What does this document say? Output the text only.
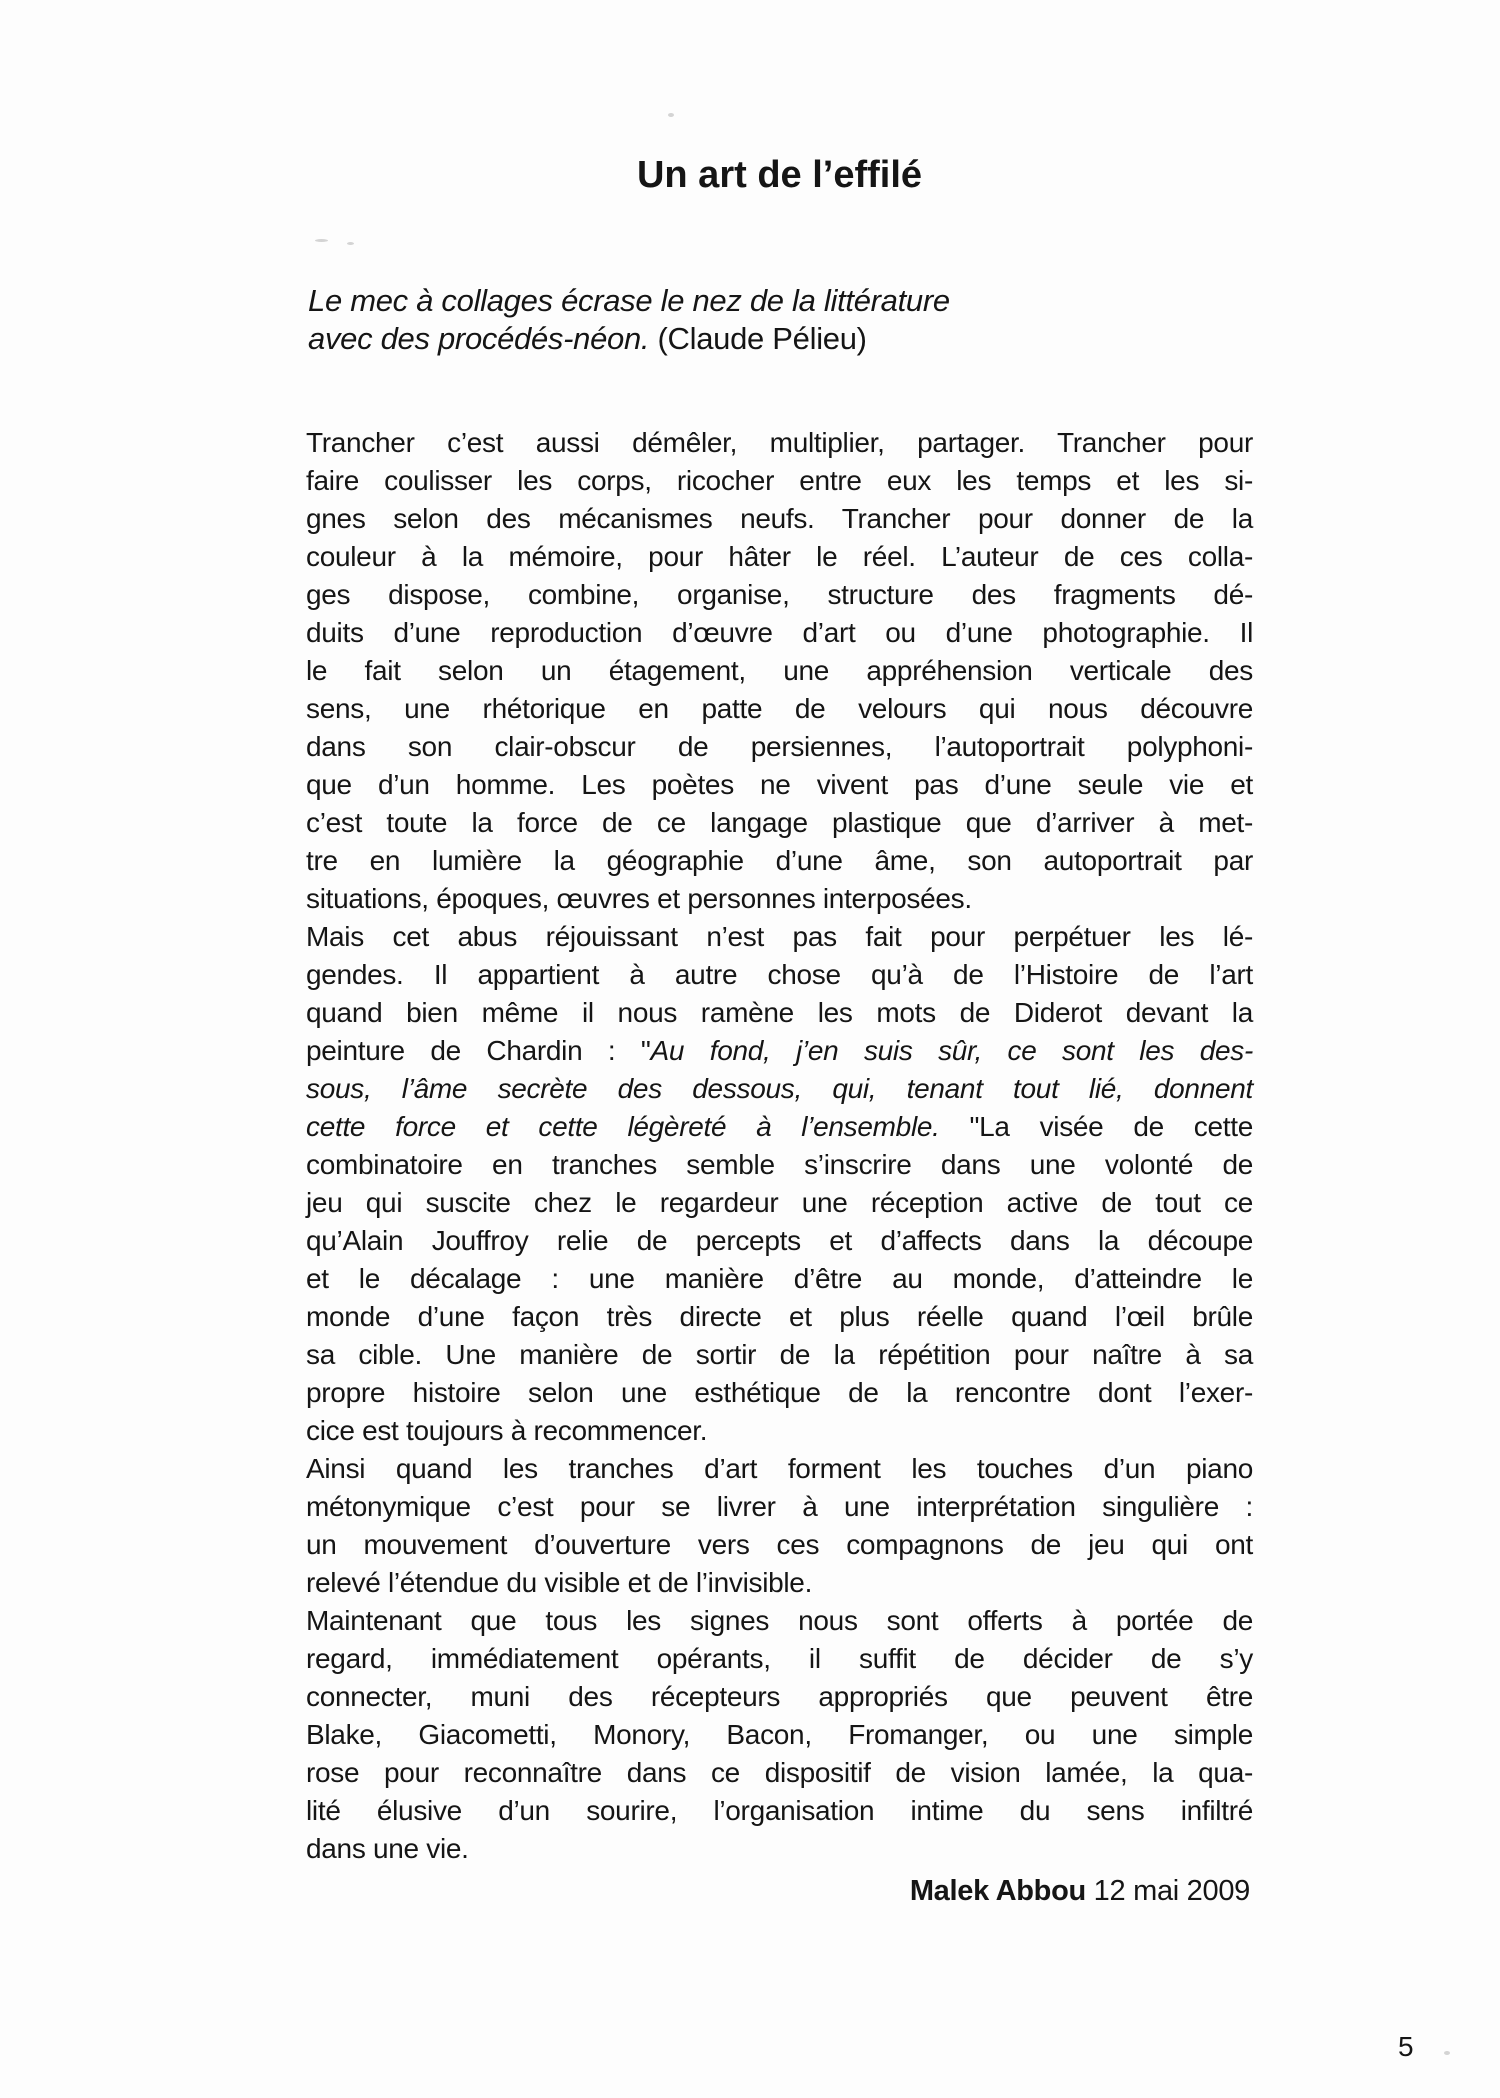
Un art de l’effilé
Le mec à collages écrase le nez de la littérature
avec des procédés-néon. (Claude Pélieu)
Trancher c’est aussi démêler, multiplier, partager. Trancher pour
faire coulisser les corps, ricocher entre eux les temps et les si-
gnes selon des mécanismes neufs. Trancher pour donner de la
couleur à la mémoire, pour hâter le réel. L’auteur de ces colla-
ges dispose, combine, organise, structure des fragments dé-
duits d’une reproduction d’œuvre d’art ou d’une photographie. Il
le fait selon un étagement, une appréhension verticale des
sens, une rhétorique en patte de velours qui nous découvre
dans son clair-obscur de persiennes, l’autoportrait polyphoni-
que d’un homme. Les poètes ne vivent pas d’une seule vie et
c’est toute la force de ce langage plastique que d’arriver à met-
tre en lumière la géographie d’une âme, son autoportrait par
situations, époques, œuvres et personnes interposées.
Mais cet abus réjouissant n’est pas fait pour perpétuer les lé-
gendes. Il appartient à autre chose qu’à de l’Histoire de l’art
quand bien même il nous ramène les mots de Diderot devant la
peinture de Chardin : "Au fond, j’en suis sûr, ce sont les des-
sous, l’âme secrète des dessous, qui, tenant tout lié, donnent
cette force et cette légèreté à l’ensemble. "La visée de cette
combinatoire en tranches semble s’inscrire dans une volonté de
jeu qui suscite chez le regardeur une réception active de tout ce
qu’Alain Jouffroy relie de percepts et d’affects dans la découpe
et le décalage : une manière d’être au monde, d’atteindre le
monde d’une façon très directe et plus réelle quand l’œil brûle
sa cible. Une manière de sortir de la répétition pour naître à sa
propre histoire selon une esthétique de la rencontre dont l’exer-
cice est toujours à recommencer.
Ainsi quand les tranches d’art forment les touches d’un piano
métonymique c’est pour se livrer à une interprétation singulière :
un mouvement d’ouverture vers ces compagnons de jeu qui ont
relevé l’étendue du visible et de l’invisible.
Maintenant que tous les signes nous sont offerts à portée de
regard, immédiatement opérants, il suffit de décider de s’y
connecter, muni des récepteurs appropriés que peuvent être
Blake, Giacometti, Monory, Bacon, Fromanger, ou une simple
rose pour reconnaître dans ce dispositif de vision lamée, la qua-
lité élusive d’un sourire, l’organisation intime du sens infiltré
dans une vie.
Malek Abbou 12 mai 2009
5
